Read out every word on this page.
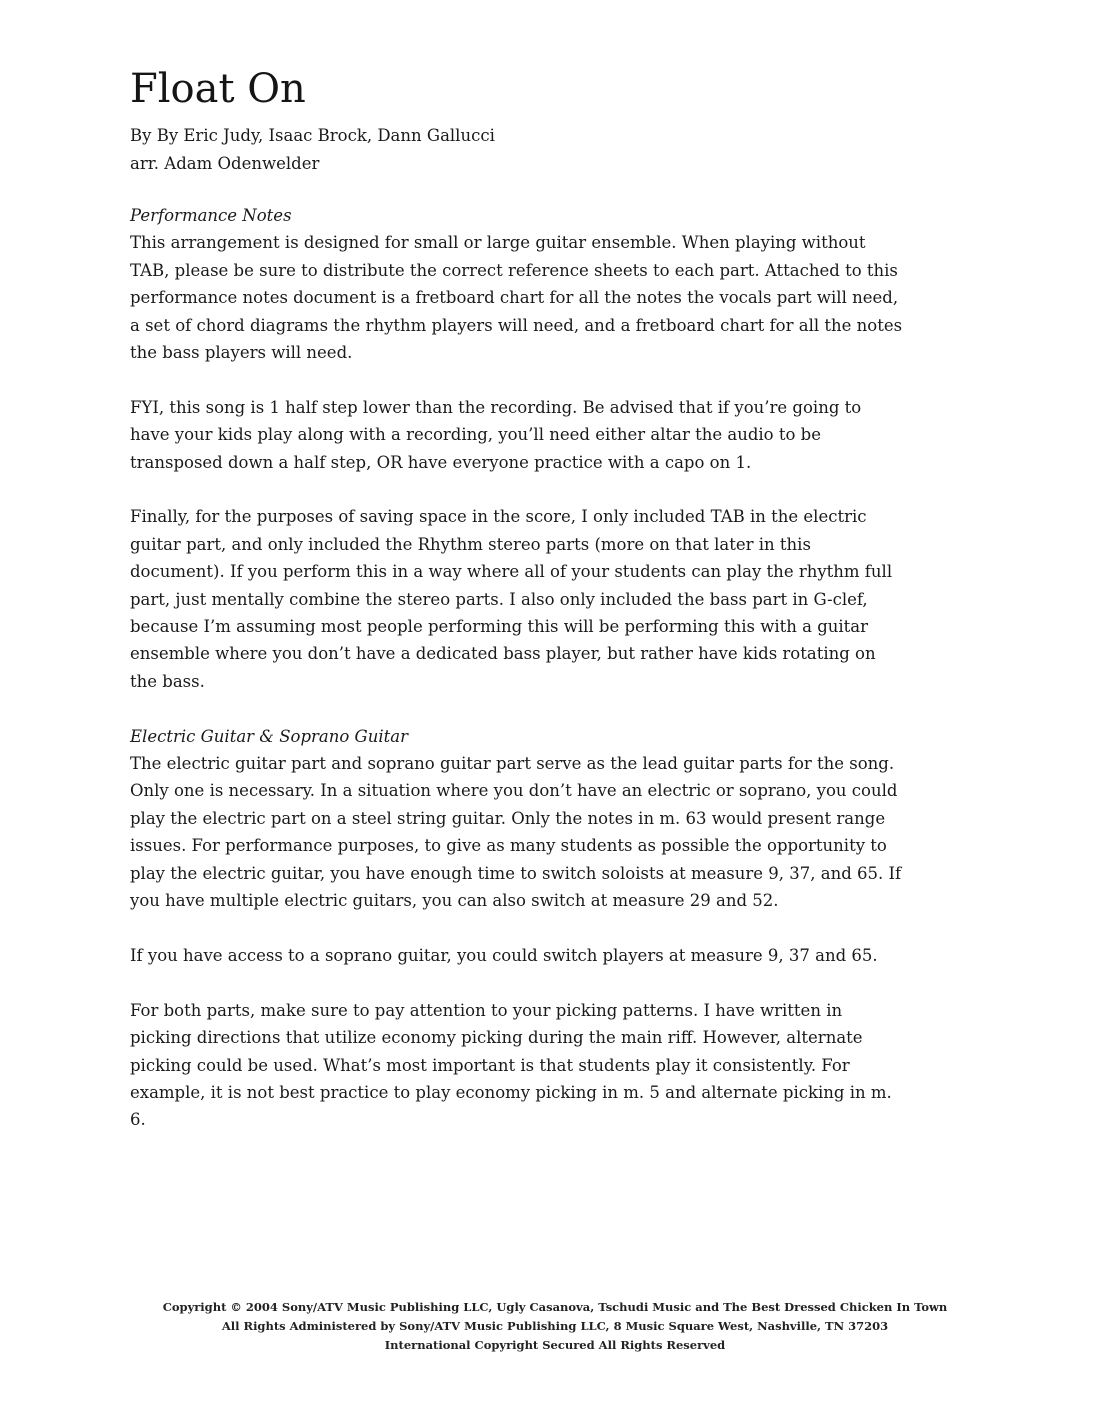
Float On
By By Eric Judy, Isaac Brock, Dann Gallucci
arr. Adam Odenwelder

Performance Notes

This arrangement is designed for small or large guitar ensemble. When playing without
TAB, please be sure to distribute the correct reference sheets to each part. Attached to this
performance notes document is a fretboard chart for all the notes the vocals part will need,
a set of chord diagrams the rhythm players will need, and a fretboard chart for all the notes
the bass players will need.

FYI, this song is 1 half step lower than the recording. Be advised that if you’re going to
have your kids play along with a recording, you’ll need either altar the audio to be
transposed down a half step, OR have everyone practice with a capo on 1.

Finally, for the purposes of saving space in the score, I only included TAB in the electric
guitar part, and only included the Rhythm stereo parts (more on that later in this
document). If you perform this in a way where all of your students can play the rhythm full
part, just mentally combine the stereo parts. I also only included the bass part in G-clef,
because I’m assuming most people performing this will be performing this with a guitar
ensemble where you don’t have a dedicated bass player, but rather have kids rotating on
the bass.

Electric Guitar & Soprano Guitar

The electric guitar part and soprano guitar part serve as the lead guitar parts for the song.
Only one is necessary. In a situation where you don’t have an electric or soprano, you could
play the electric part on a steel string guitar. Only the notes in m. 63 would present range
issues. For performance purposes, to give as many students as possible the opportunity to
play the electric guitar, you have enough time to switch soloists at measure 9, 37, and 65. If
you have multiple electric guitars, you can also switch at measure 29 and 52.

If you have access to a soprano guitar, you could switch players at measure 9, 37 and 65.

For both parts, make sure to pay attention to your picking patterns. I have written in
picking directions that utilize economy picking during the main riff. However, alternate
picking could be used. What’s most important is that students play it consistently. For
example, it is not best practice to play economy picking in m. 5 and alternate picking in m.
6.

Copyright © 2004 Sony/ATV Music Publishing LLC, Ugly Casanova, Tschudi Music and The Best Dressed Chicken In Town
All Rights Administered by Sony/ATV Music Publishing LLC, 8 Music Square West, Nashville, TN 37203
International Copyright Secured All Rights Reserved
